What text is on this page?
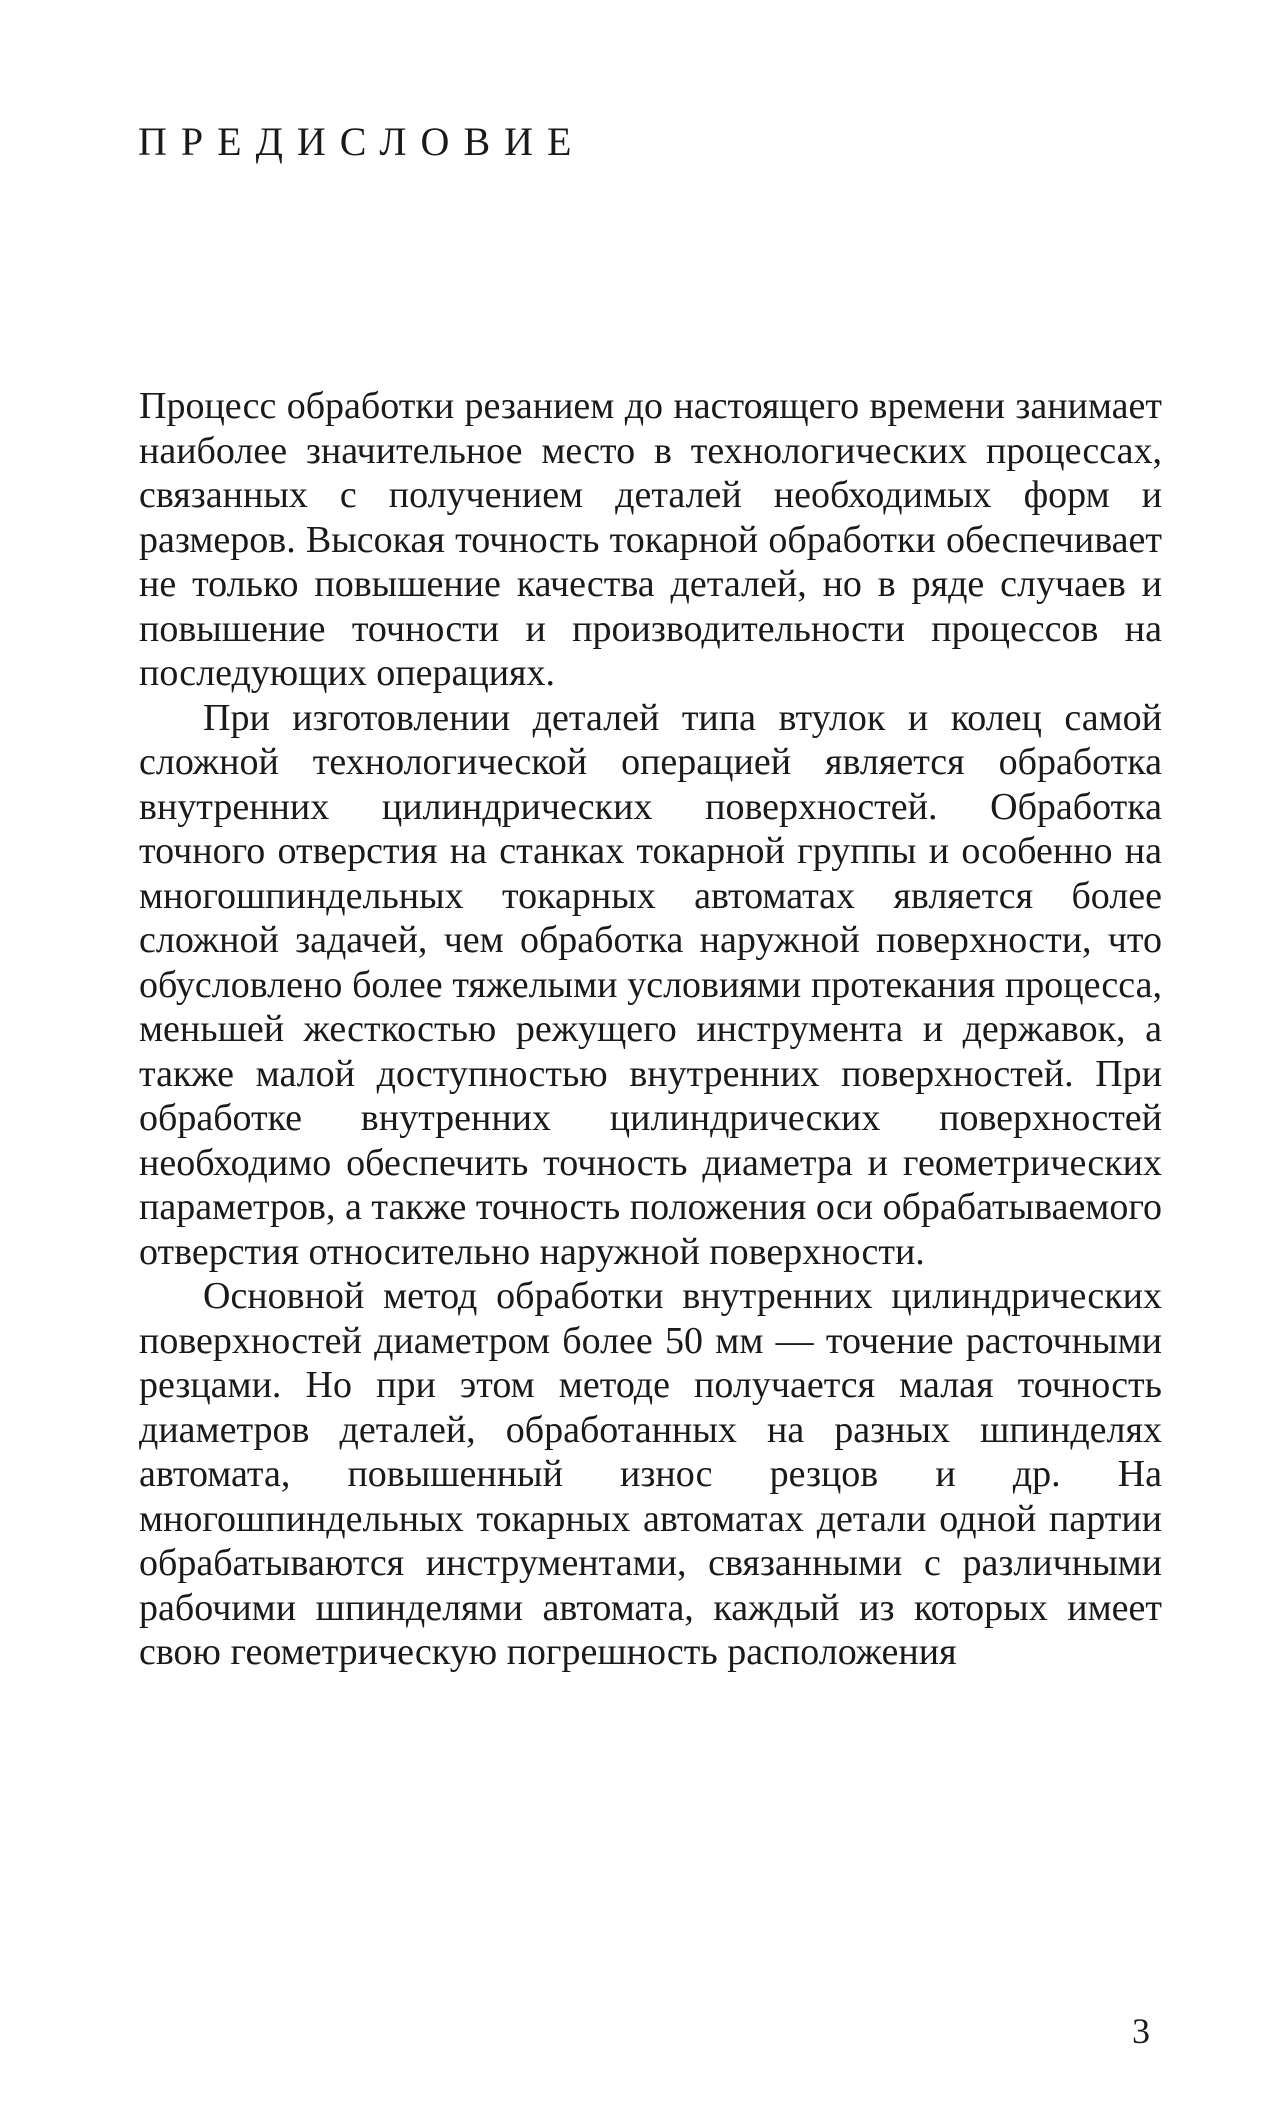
ПРЕДИСЛОВИЕ

Процесс обработки резанием до настоящего времени занимает наиболее значительное место в технологических процессах, связанных с получением деталей необходимых форм и размеров. Высокая точность токарной обработки обеспечивает не только повышение качества деталей, но в ряде случаев и повышение точности и производительности процессов на последующих операциях.

При изготовлении деталей типа втулок и колец самой сложной технологической операцией является обработка внутренних цилиндрических поверхностей. Обработка точного отверстия на станках токарной группы и особенно на многошпиндельных токарных автоматах является более сложной задачей, чем обработка наружной поверхности, что обусловлено более тяжелыми условиями протекания процесса, меньшей жесткостью режущего инструмента и державок, а также малой доступностью внутренних поверхностей. При обработке внутренних цилиндрических поверхностей необходимо обеспечить точность диаметра и геометрических параметров, а также точность положения оси обрабатываемого отверстия относительно наружной поверхности.

Основной метод обработки внутренних цилиндрических поверхностей диаметром более 50 мм — точение расточными резцами. Но при этом методе получается малая точность диаметров деталей, обработанных на разных шпинделях автомата, повышенный износ резцов и др. На многошпиндельных токарных автоматах детали одной партии обрабатываются инструментами, связанными с различными рабочими шпинделями автомата, каждый из которых имеет свою геометрическую погрешность расположения

3
